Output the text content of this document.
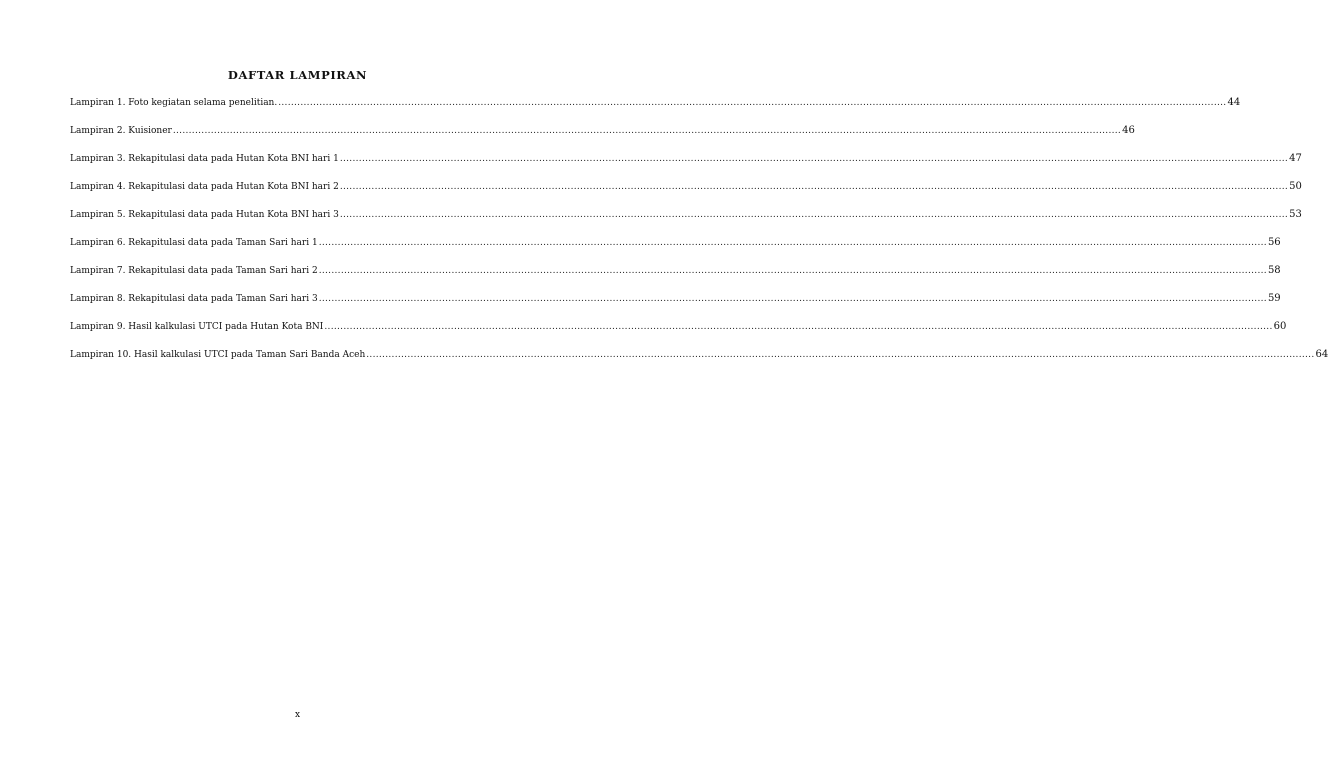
DAFTAR LAMPIRAN
Lampiran 1. Foto kegiatan selama penelitian. ............................................................................................................................................................................................................................................................................................................ 44
Lampiran 2. Kuisioner ............................................................................................................................................................................................................................................................................................................ 46
Lampiran 3. Rekapitulasi data pada Hutan Kota BNI hari 1 ............................................................................................................................................................................................................................................................................................................ 47
Lampiran 4. Rekapitulasi data pada Hutan Kota BNI hari 2 ............................................................................................................................................................................................................................................................................................................ 50
Lampiran 5. Rekapitulasi data pada Hutan Kota BNI hari 3 ............................................................................................................................................................................................................................................................................................................ 53
Lampiran 6. Rekapitulasi data pada Taman Sari hari 1 ............................................................................................................................................................................................................................................................................................................ 56
Lampiran 7. Rekapitulasi data pada Taman Sari hari 2 ............................................................................................................................................................................................................................................................................................................ 58
Lampiran 8. Rekapitulasi data pada Taman Sari hari 3 ............................................................................................................................................................................................................................................................................................................ 59
Lampiran 9. Hasil kalkulasi UTCI pada Hutan Kota BNI ............................................................................................................................................................................................................................................................................................................ 60
Lampiran 10. Hasil kalkulasi UTCI pada Taman Sari Banda Aceh ............................................................................................................................................................................................................................................................................................................ 64
x
